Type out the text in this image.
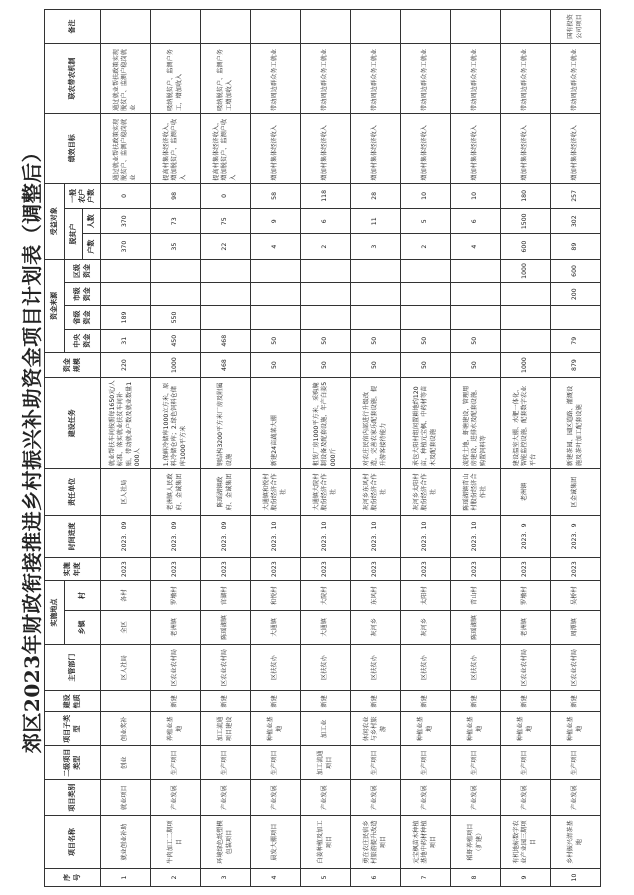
郊区2023年财政衔接推进乡村振兴补助资金项目计划表（调整后）
序号	项目名称	项目类别	二级项目类型	项目子类型	建设性质	主管部门	实施地点		实施年度	时间进度	责任单位	建设任务	资金规模	资金来源				受益对象			绩效目标	联农带农机制	备注
							乡镇	村						中央资金	省级资金	市级资金	区级资金	脱贫户		一般农户户数			
																		户数	人数				
1	就业创业补助	就业项目	创业	创业奖补		区人社局	全区	各村	2023	2023．09	区人社局	就业帮扶车间按照每1650元/人标准，落实就业扶贫车间补贴，带动就业户数及就业数量1000人	220	31	189			370	370	0	通过就业帮扶政策实现脱贫户、监测户稳岗就业	通过就业帮扶政策实现脱贫户、监测户稳岗就业	
2	牛肉加工二期项目	产业发展	生产项目	养殖业基地	新建	区农业农村局	老洲镇	罗墩村	2023	2023．09	老洲镇人民政府、金诚集团	1.保鲜冷储库1000立方米，原料冷储仓库；2.绿色饲料仓储库1000平方米	1000	450	550			35	73	98	提高村集体经济收入，增加脱贫户、监测户收入	吸纳脱贫户、监测户务工，增加收入	
3	环境绿色纸塑模包装项目	产业发展	生产项目	加工流通项目建设	新建	区农业农村局	陈瑶湖镇	官湖村	2023	2023．09	陈瑶湖镇政府、金诚集团	钢结构3200平方米厂房及附属设施	468	468				22	75	0	提高村集体经济收入，增加脱贫户、监测户收入	吸纳脱贫户、监测户务工增加收入	
4	晨发大棚项目	产业发展	生产项目	种植业基地	新建	区扶贫办	大通镇	和悦村	2023	2023．10	大通镇和悦村股份经济合作社	新建24亩蔬菜大棚	50	50				4	9	58	增加村集体经济收入	带动周边群众务工就业	
5	白姜种植及加工项目	产业发展	加工流通项目	加工业	新建	区扶贫办	大通镇	大院村	2023	2023．10	大通镇大院村股份经济合作社	租赁厂房1000平方米，采购腌制设备及配套设施，年产白姜5000斤	50	50				2	6	118	增加村集体经济收入	带动周边群众务工就业	
6	勇在农庄民宿乡村旅游提升改造项目	产业发展	生产项目	休闲农业与乡村旅游	新建	区扶贫办	灰河乡	东风村	2023	2023．10	灰河乡东风村股份经济合作社	对农庄民宿内部进行升级改造，完善农家乐配套设施，提升游客接待能力	50	50				3	11	28	增加村集体经济收入	带动周边群众务工就业	
7	元宝枫苗木种植基地中药材种植项目	产业发展	生产项目	种植业基地	新建	区扶贫办	灰河乡	太阳村	2023	2023．10	灰河乡太阳村股份经济合作社	承包大阳村组闲置耕地约120亩，种植元宝枫、中药材等苗木及配套设施	50	50				2	5	10	增加村集体经济收入	带动周边群众务工就业	
8	稻虾养殖项目（扩建）	产业发展	生产项目	种植业基地	新建	区扶贫办	陈瑶湖镇	青山村	2023	2023．10	陈瑶湖镇青山村股份经济合作社	流转土地，虾塘建设，管理用房建设，进排水及配套设施，购置饲料等	50	50				4	6	10	增加村集体经济收入	带动周边群众务工就业	
9	有机地标数字农业产业园三期项目	产业发展	生产项目	种植业基地	新建	区农业农村局	老洲镇	罗墩村	2023	2023．9	老洲镇	建设温室大棚、水肥一体化、智能监控设施，配套数字农业平台	1000				1000	600	1500	180	增加村集体经济收入	带动周边群众务工就业	
10	乡村振兴清茶基地	产业发展	生产项目	种植业基地	新建	区农业农村局	周潭镇	吴桥村	2023	2023．9	区金诚集团	新建茶园、园区道路、灌溉设施及茶叶加工配套设施	879	79		200	600	89	302	257	增加村集体经济收入	带动周边群众务工就业	国有投资公司项目
